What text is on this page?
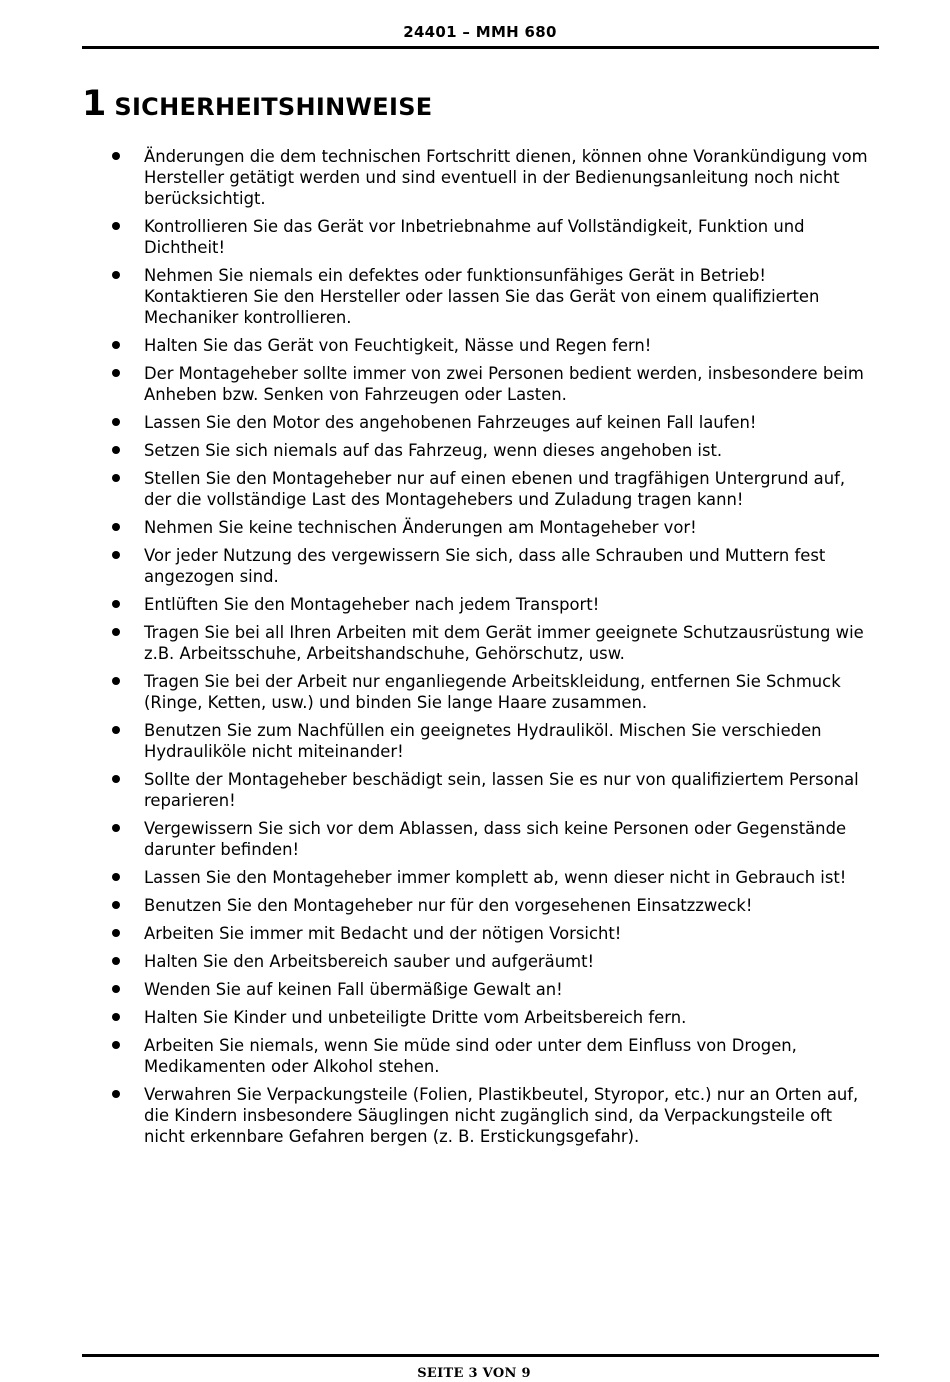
24401 – MMH 680
1 SICHERHEITSHINWEISE
Änderungen die dem technischen Fortschritt dienen, können ohne Vorankündigung vom Hersteller getätigt werden und sind eventuell in der Bedienungsanleitung noch nicht berücksichtigt.
Kontrollieren Sie das Gerät vor Inbetriebnahme auf Vollständigkeit, Funktion und Dichtheit!
Nehmen Sie niemals ein defektes oder funktionsunfähiges Gerät in Betrieb! Kontaktieren Sie den Hersteller oder lassen Sie das Gerät von einem qualifizierten Mechaniker kontrollieren.
Halten Sie das Gerät von Feuchtigkeit, Nässe und Regen fern!
Der Montageheber sollte immer von zwei Personen bedient werden, insbesondere beim Anheben bzw. Senken von Fahrzeugen oder Lasten.
Lassen Sie den Motor des angehobenen Fahrzeuges auf keinen Fall laufen!
Setzen Sie sich niemals auf das Fahrzeug, wenn dieses angehoben ist.
Stellen Sie den Montageheber nur auf einen ebenen und tragfähigen Untergrund auf, der die vollständige Last des Montagehebers und Zuladung tragen kann!
Nehmen Sie keine technischen Änderungen am Montageheber vor!
Vor jeder Nutzung des vergewissern Sie sich, dass alle Schrauben und Muttern fest angezogen sind.
Entlüften Sie den Montageheber nach jedem Transport!
Tragen Sie bei all Ihren Arbeiten mit dem Gerät immer geeignete Schutzausrüstung wie z.B. Arbeitsschuhe, Arbeitshandschuhe, Gehörschutz, usw.
Tragen Sie bei der Arbeit nur enganliegende Arbeitskleidung, entfernen Sie Schmuck (Ringe, Ketten, usw.) und binden Sie lange Haare zusammen.
Benutzen Sie zum Nachfüllen ein geeignetes Hydrauliköl. Mischen Sie verschieden Hydrauliköle nicht miteinander!
Sollte der Montageheber beschädigt sein, lassen Sie es nur von qualifiziertem Personal reparieren!
Vergewissern Sie sich vor dem Ablassen, dass sich keine Personen oder Gegenstände darunter befinden!
Lassen Sie den Montageheber immer komplett ab, wenn dieser nicht in Gebrauch ist!
Benutzen Sie den Montageheber nur für den vorgesehenen Einsatzzweck!
Arbeiten Sie immer mit Bedacht und der nötigen Vorsicht!
Halten Sie den Arbeitsbereich sauber und aufgeräumt!
Wenden Sie auf keinen Fall übermäßige Gewalt an!
Halten Sie Kinder und unbeteiligte Dritte vom Arbeitsbereich fern.
Arbeiten Sie niemals, wenn Sie müde sind oder unter dem Einfluss von Drogen, Medikamenten oder Alkohol stehen.
Verwahren Sie Verpackungsteile (Folien, Plastikbeutel, Styropor, etc.) nur an Orten auf, die Kindern insbesondere Säuglingen nicht zugänglich sind, da Verpackungsteile oft nicht erkennbare Gefahren bergen (z. B. Erstickungsgefahr).
SEITE 3 VON 9
